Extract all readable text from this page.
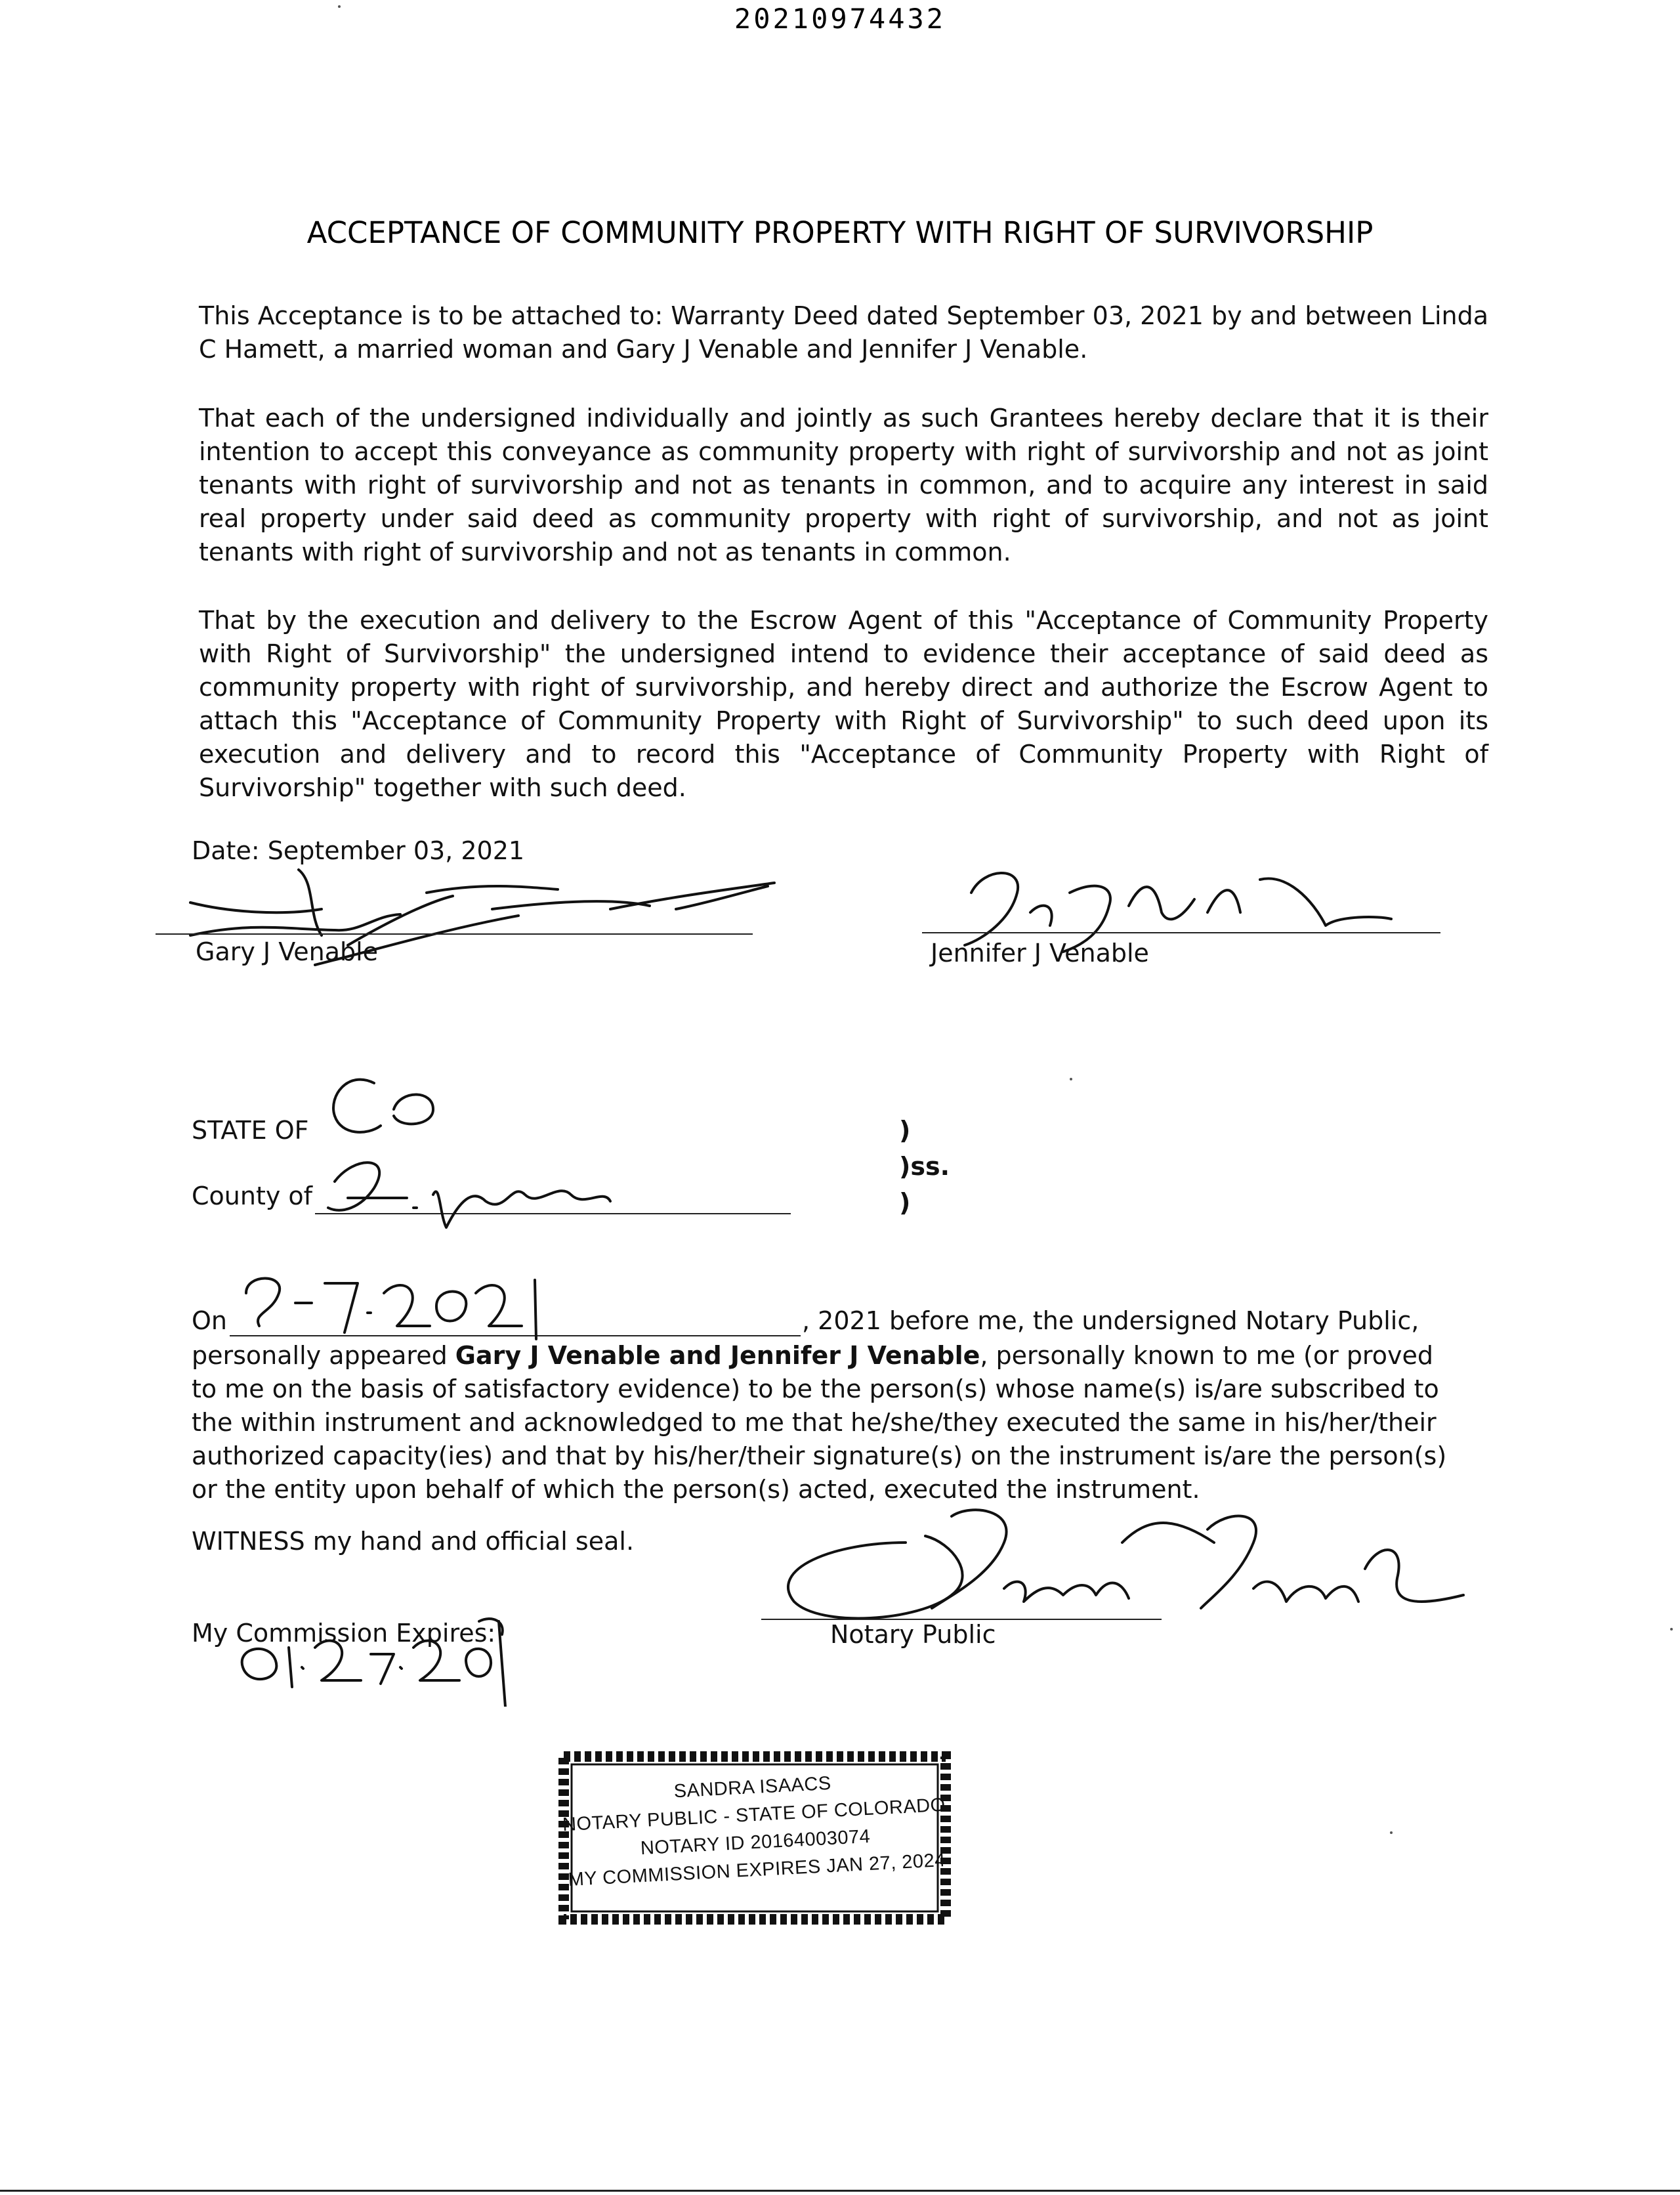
20210974432
ACCEPTANCE OF COMMUNITY PROPERTY WITH RIGHT OF SURVIVORSHIP
This Acceptance is to be attached to: Warranty Deed dated September 03, 2021 by and between Linda C Hamett, a married woman and Gary J Venable and Jennifer J Venable.
That each of the undersigned individually and jointly as such Grantees hereby declare that it is their intention to accept this conveyance as community property with right of survivorship and not as joint tenants with right of survivorship and not as tenants in common, and to acquire any interest in said real property under said deed as community property with right of survivorship, and not as joint tenants with right of survivorship and not as tenants in common.
That by the execution and delivery to the Escrow Agent of this "Acceptance of Community Property with Right of Survivorship" the undersigned intend to evidence their acceptance of said deed as community property with right of survivorship, and hereby direct and authorize the Escrow Agent to attach this "Acceptance of Community Property with Right of Survivorship" to such deed upon its execution and delivery and to record this "Acceptance of Community Property with Right of Survivorship" together with such deed.
Date: September 03, 2021
Gary J Venable	Jennifer J Venable
STATE OF
County of
)
)ss.
)
On	, 2021 before me, the undersigned Notary Public,
personally appeared Gary J Venable and Jennifer J Venable, personally known to me (or proved to me on the basis of satisfactory evidence) to be the person(s) whose name(s) is/are subscribed to the within instrument and acknowledged to me that he/she/they executed the same in his/her/their authorized capacity(ies) and that by his/her/their signature(s) on the instrument is/are the person(s) or the entity upon behalf of which the person(s) acted, executed the instrument.
WITNESS my hand and official seal.
Notary Public
My Commission Expires:
SANDRA ISAACS
NOTARY PUBLIC - STATE OF COLORADO
NOTARY ID 20164003074
MY COMMISSION EXPIRES JAN 27, 2024
